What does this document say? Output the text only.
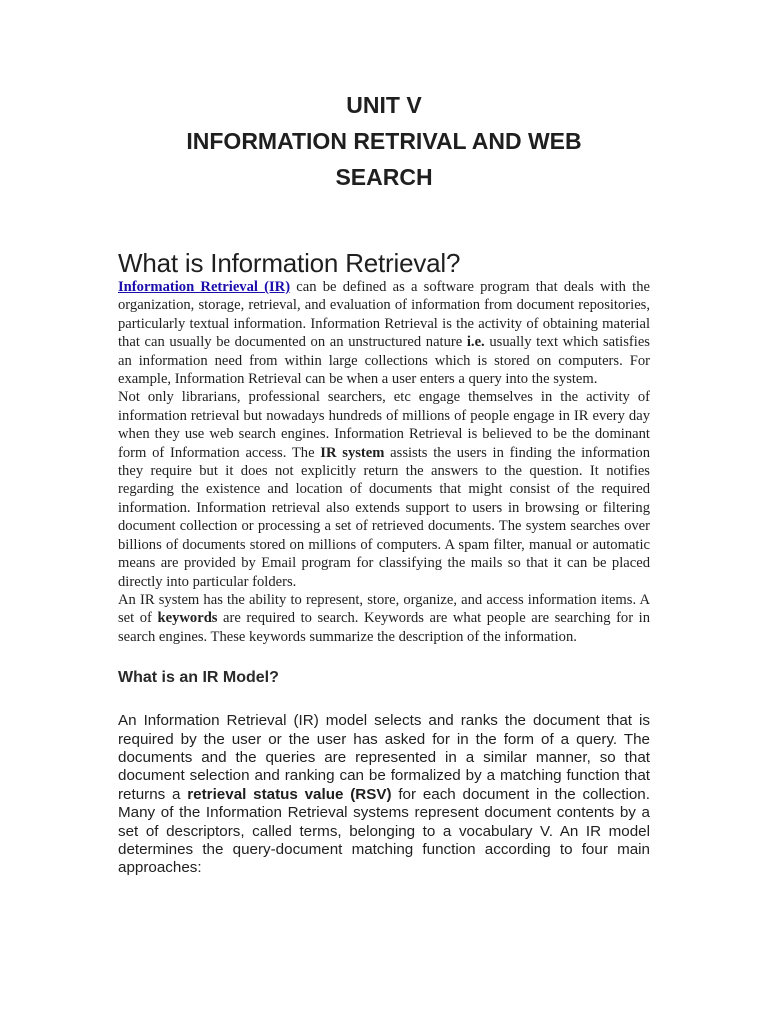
UNIT V
INFORMATION RETRIVAL AND WEB
SEARCH
What is Information Retrieval?

Information Retrieval (IR) can be defined as a software program that deals with the organization, storage, retrieval, and evaluation of information from document repositories, particularly textual information. Information Retrieval is the activity of obtaining material that can usually be documented on an unstructured nature i.e. usually text which satisfies an information need from within large collections which is stored on computers. For example, Information Retrieval can be when a user enters a query into the system.

Not only librarians, professional searchers, etc engage themselves in the activity of information retrieval but nowadays hundreds of millions of people engage in IR every day when they use web search engines. Information Retrieval is believed to be the dominant form of Information access. The IR system assists the users in finding the information they require but it does not explicitly return the answers to the question. It notifies regarding the existence and location of documents that might consist of the required information. Information retrieval also extends support to users in browsing or filtering document collection or processing a set of retrieved documents. The system searches over billions of documents stored on millions of computers. A spam filter, manual or automatic means are provided by Email program for classifying the mails so that it can be placed directly into particular folders.

An IR system has the ability to represent, store, organize, and access information items. A set of keywords are required to search. Keywords are what people are searching for in search engines. These keywords summarize the description of the information.

What is an IR Model?

An Information Retrieval (IR) model selects and ranks the document that is required by the user or the user has asked for in the form of a query. The documents and the queries are represented in a similar manner, so that document selection and ranking can be formalized by a matching function that returns a retrieval status value (RSV) for each document in the collection. Many of the Information Retrieval systems represent document contents by a set of descriptors, called terms, belonging to a vocabulary V. An IR model determines the query-document matching function according to four main approaches:
